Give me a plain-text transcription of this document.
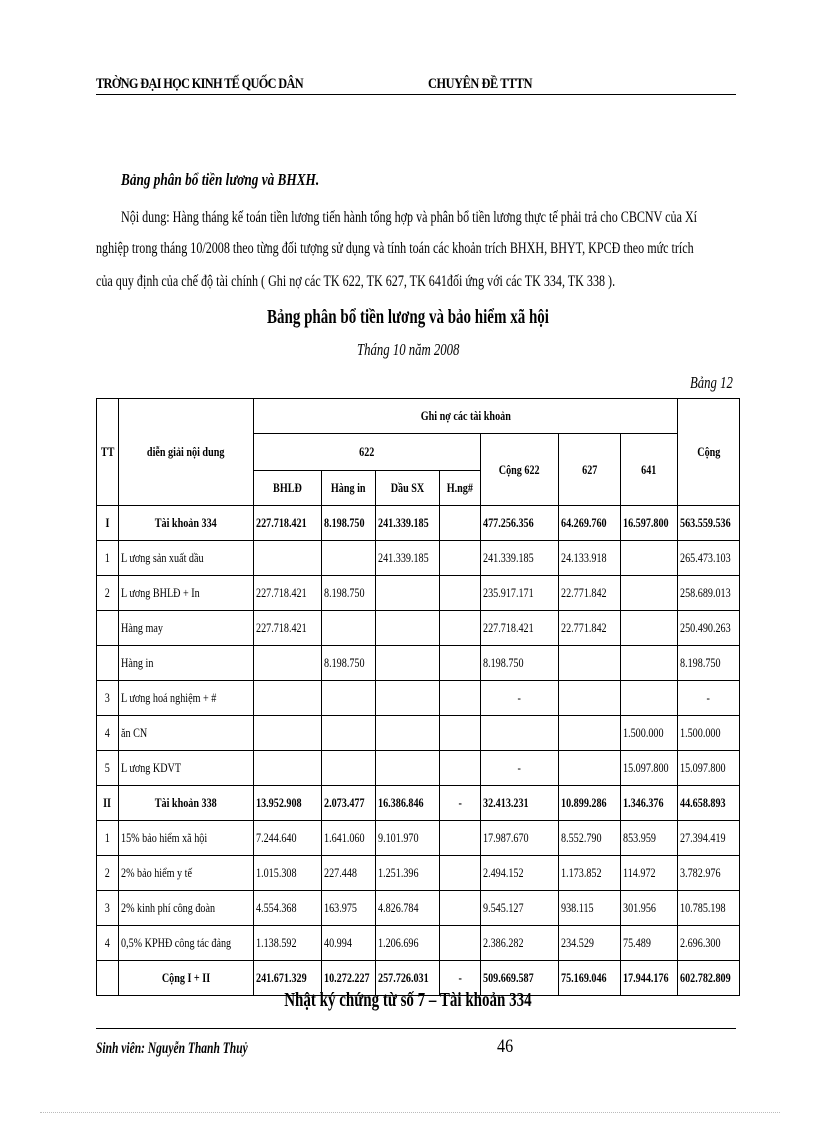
TRỜNG ĐẠI HỌC KINH TẾ QUỐC DÂN	CHUYÊN ĐỀ TTTN
Bảng phân bổ tiền lương và BHXH.
Nội dung: Hàng tháng kế toán tiền lương tiến hành tổng hợp và phân bổ tiền lương thực tế phải trả cho CBCNV của Xí
nghiệp trong tháng 10/2008 theo từng đối tượng sử dụng và tính toán các khoản trích BHXH, BHYT, KPCĐ theo mức trích
của quy định của chế độ tài chính ( Ghi nợ các TK 622, TK 627, TK 641đối ứng với các TK 334, TK 338 ).
Bảng phân bổ tiền lương và bảo hiểm xã hội
Tháng 10 năm 2008
Bảng 12
TT	diễn giải nội dung	Ghi nợ các tài khoản							Cộng
		622				Cộng 622	627	641	
		BHLĐ	Hàng in	Dầu SX	H.ng#				
I	Tài khoản 334	227.718.421	8.198.750	241.339.185		477.256.356	64.269.760	16.597.800	563.559.536
1	L ương sản xuất dầu			241.339.185		241.339.185	24.133.918		265.473.103
2	L ương BHLĐ + In	227.718.421	8.198.750			235.917.171	22.771.842		258.689.013
	Hàng may	227.718.421				227.718.421	22.771.842		250.490.263
	Hàng in		8.198.750			8.198.750			8.198.750
3	L ương hoá nghiệm + #					-			-
4	ăn CN							1.500.000	1.500.000
5	L ương KDVT					-		15.097.800	15.097.800
II	Tài khoản 338	13.952.908	2.073.477	16.386.846	-	32.413.231	10.899.286	1.346.376	44.658.893
1	15% bảo hiểm xã hội	7.244.640	1.641.060	9.101.970		17.987.670	8.552.790	853.959	27.394.419
2	2% bảo hiểm y tế	1.015.308	227.448	1.251.396		2.494.152	1.173.852	114.972	3.782.976
3	2% kinh phí công đoàn	4.554.368	163.975	4.826.784		9.545.127	938.115	301.956	10.785.198
4	0,5% KPHĐ công tác đảng	1.138.592	40.994	1.206.696		2.386.282	234.529	75.489	2.696.300
	Cộng I + II	241.671.329	10.272.227	257.726.031	-	509.669.587	75.169.046	17.944.176	602.782.809
Nhật ký chứng từ số 7 – Tài khoản 334
Sinh viên: Nguyễn Thanh Thuỷ	46
